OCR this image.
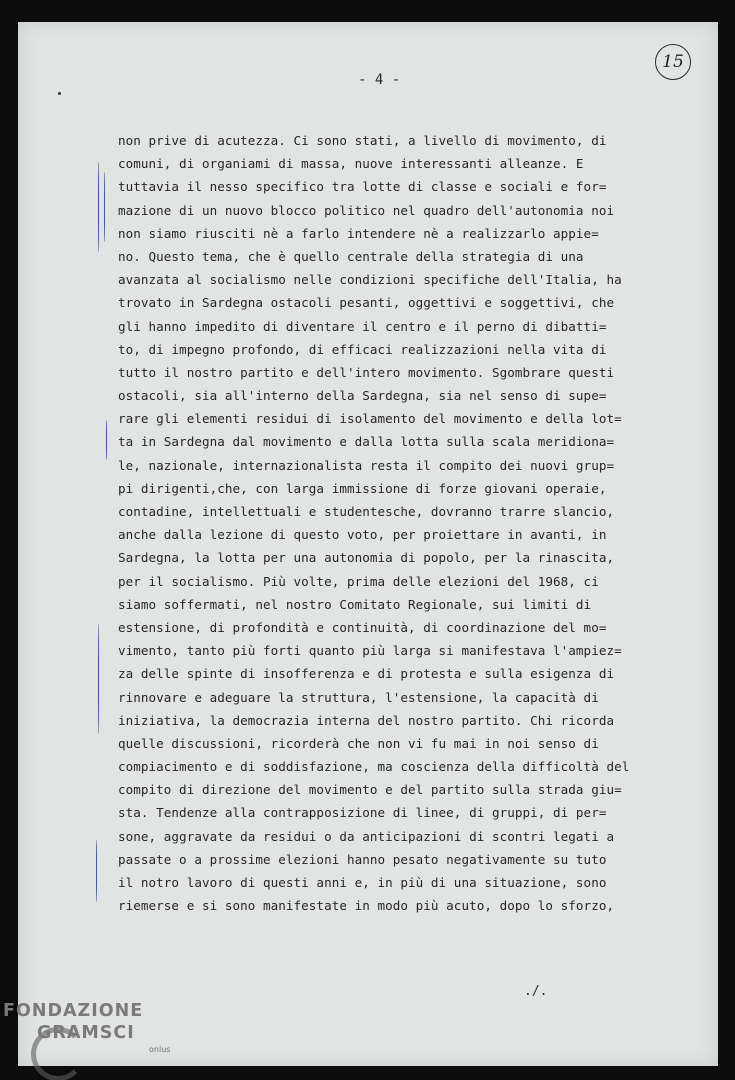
- 4 -

15
non prive di acutezza. Ci sono stati, a livello di movimento, di
comuni, di organiami di massa, nuove interessanti alleanze. E
tuttavia il nesso specifico tra lotte di classe e sociali e for=
mazione di un nuovo blocco politico nel quadro dell'autonomia noi
non siamo riusciti nè a farlo intendere nè a realizzarlo appie=
no. Questo tema, che è quello centrale della strategia di una
avanzata al socialismo nelle condizioni specifiche dell'Italia, ha
trovato in Sardegna ostacoli pesanti, oggettivi e soggettivi, che
gli hanno impedito di diventare il centro e il perno di dibatti=
to, di impegno profondo, di efficaci realizzazioni nella vita di
tutto il nostro partito e dell'intero movimento. Sgombrare questi
ostacoli, sia all'interno della Sardegna, sia nel senso di supe=
rare gli elementi residui di isolamento del movimento e della lot=
ta in Sardegna dal movimento e dalla lotta sulla scala meridiona=
le, nazionale, internazionalista resta il compito dei nuovi grup=
pi dirigenti,che, con larga immissione di forze giovani operaie,
contadine, intellettuali e studentesche, dovranno trarre slancio,
anche dalla lezione di questo voto, per proiettare in avanti, in
Sardegna, la lotta per una autonomia di popolo, per la rinascita,
per il socialismo. Più volte, prima delle elezioni del 1968, ci
siamo soffermati, nel nostro Comitato Regionale, sui limiti di
estensione, di profondità e continuità, di coordinazione del mo=
vimento, tanto più forti quanto più larga si manifestava l'ampiez=
za delle spinte di insofferenza e di protesta e sulla esigenza di
rinnovare e adeguare la struttura, l'estensione, la capacità di
iniziativa, la democrazia interna del nostro partito. Chi ricorda
quelle discussioni, ricorderà che non vi fu mai in noi senso di
compiacimento e di soddisfazione, ma coscienza della difficoltà del
compito di direzione del movimento e del partito sulla strada giu=
sta. Tendenze alla contrapposizione di linee, di gruppi, di per=
sone, aggravate da residui o da anticipazioni di scontri legati a
passate o a prossime elezioni hanno pesato negativamente su tuto
il notro lavoro di questi anni e, in più di una situazione, sono
riemerse e si sono manifestate in modo più acuto, dopo lo sforzo,

./.

FONDAZIONE
GRAMSCI
onlus
